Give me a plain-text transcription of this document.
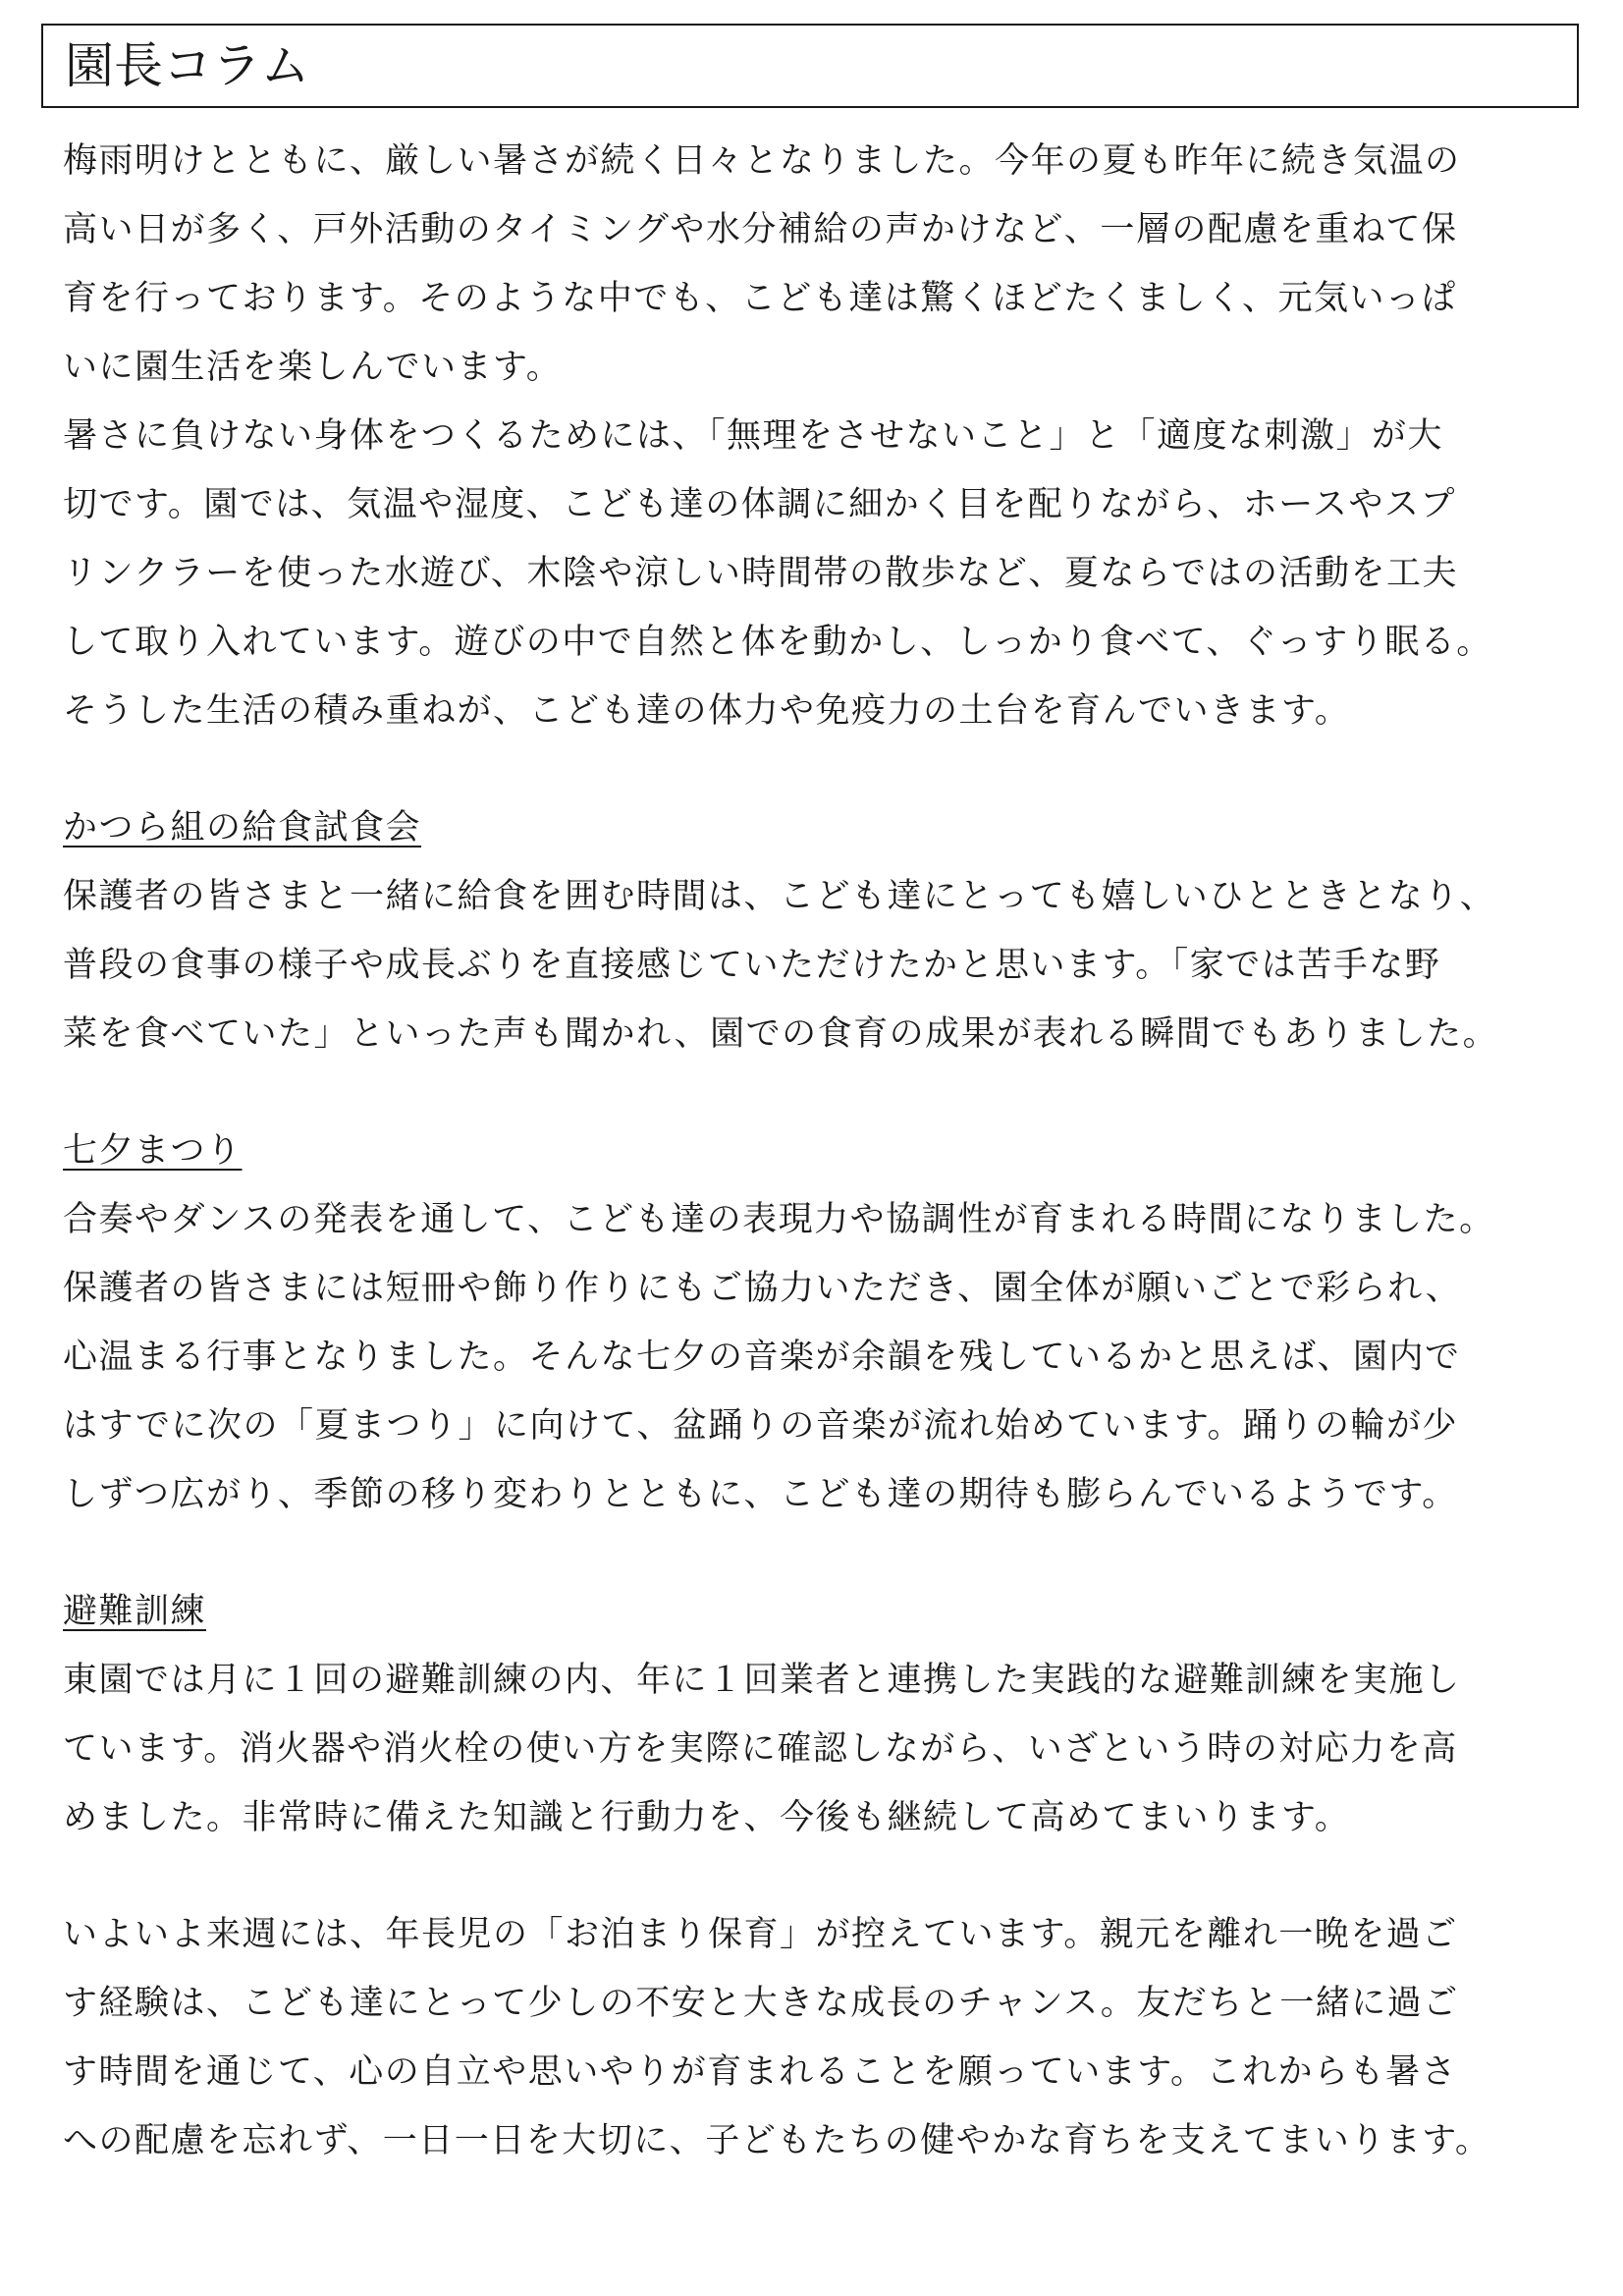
園長コラム
梅雨明けとともに、厳しい暑さが続く日々となりました。今年の夏も昨年に続き気温の
高い日が多く、戸外活動のタイミングや水分補給の声かけなど、一層の配慮を重ねて保
育を行っております。そのような中でも、こども達は驚くほどたくましく、元気いっぱ
いに園生活を楽しんでいます。
暑さに負けない身体をつくるためには、「無理をさせないこと」と「適度な刺激」が大
切です。園では、気温や湿度、こども達の体調に細かく目を配りながら、ホースやスプ
リンクラーを使った水遊び、木陰や涼しい時間帯の散歩など、夏ならではの活動を工夫
して取り入れています。遊びの中で自然と体を動かし、しっかり食べて、ぐっすり眠る。
そうした生活の積み重ねが、こども達の体力や免疫力の土台を育んでいきます。
かつら組の給食試食会
保護者の皆さまと一緒に給食を囲む時間は、こども達にとっても嬉しいひとときとなり、
普段の食事の様子や成長ぶりを直接感じていただけたかと思います。「家では苦手な野
菜を食べていた」といった声も聞かれ、園での食育の成果が表れる瞬間でもありました。
七夕まつり
合奏やダンスの発表を通して、こども達の表現力や協調性が育まれる時間になりました。
保護者の皆さまには短冊や飾り作りにもご協力いただき、園全体が願いごとで彩られ、
心温まる行事となりました。そんな七夕の音楽が余韻を残しているかと思えば、園内で
はすでに次の「夏まつり」に向けて、盆踊りの音楽が流れ始めています。踊りの輪が少
しずつ広がり、季節の移り変わりとともに、こども達の期待も膨らんでいるようです。
避難訓練
東園では月に１回の避難訓練の内、年に１回業者と連携した実践的な避難訓練を実施し
ています。消火器や消火栓の使い方を実際に確認しながら、いざという時の対応力を高
めました。非常時に備えた知識と行動力を、今後も継続して高めてまいります。
いよいよ来週には、年長児の「お泊まり保育」が控えています。親元を離れ一晩を過ご
す経験は、こども達にとって少しの不安と大きな成長のチャンス。友だちと一緒に過ご
す時間を通じて、心の自立や思いやりが育まれることを願っています。これからも暑さ
への配慮を忘れず、一日一日を大切に、子どもたちの健やかな育ちを支えてまいります。
